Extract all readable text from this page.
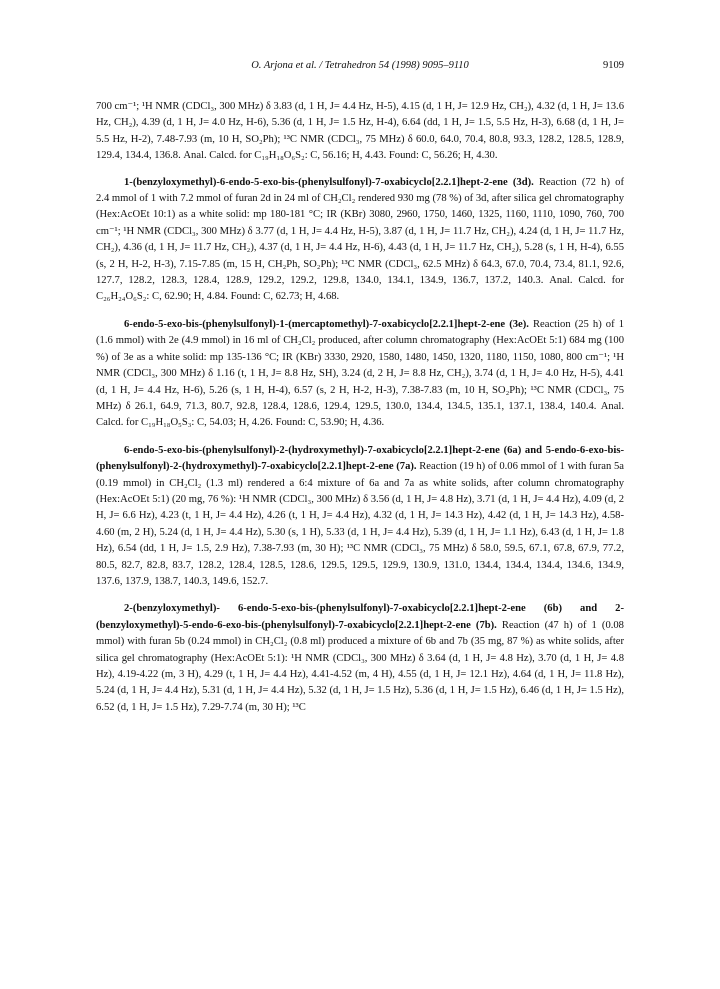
O. Arjona et al. / Tetrahedron 54 (1998) 9095–9110	9109

700 cm⁻¹; ¹H NMR (CDCl₃, 300 MHz) δ 3.83 (d, 1 H, J= 4.4 Hz, H-5), 4.15 (d, 1 H, J= 12.9 Hz, CH₂), 4.32 (d, 1 H, J= 13.6 Hz, CH₂), 4.39 (d, 1 H, J= 4.0 Hz, H-6), 5.36 (d, 1 H, J= 1.5 Hz, H-4), 6.64 (dd, 1 H, J= 1.5, 5.5 Hz, H-3), 6.68 (d, 1 H, J= 5.5 Hz, H-2), 7.48-7.93 (m, 10 H, SO₂Ph); ¹³C NMR (CDCl₃, 75 MHz) δ 60.0, 64.0, 70.4, 80.8, 93.3, 128.2, 128.5, 128.9, 129.4, 134.4, 136.8. Anal. Calcd. for C₁₉H₁₈O₆S₂: C, 56.16; H, 4.43. Found: C, 56.26; H, 4.30.

1-(benzyloxymethyl)-6-endo-5-exo-bis-(phenylsulfonyl)-7-oxabicyclo[2.2.1]hept-2-ene (3d). Reaction (72 h) of 2.4 mmol of 1 with 7.2 mmol of furan 2d in 24 ml of CH₂Cl₂ rendered 930 mg (78 %) of 3d, after silica gel chromatography (Hex:AcOEt 10:1) as a white solid: mp 180-181 °C; IR (KBr) 3080, 2960, 1750, 1460, 1325, 1160, 1110, 1090, 760, 700 cm⁻¹; ¹H NMR (CDCl₃, 300 MHz) δ 3.77 (d, 1 H, J= 4.4 Hz, H-5), 3.87 (d, 1 H, J= 11.7 Hz, CH₂), 4.24 (d, 1 H, J= 11.7 Hz, CH₂), 4.36 (d, 1 H, J= 11.7 Hz, CH₂), 4.37 (d, 1 H, J= 4.4 Hz, H-6), 4.43 (d, 1 H, J= 11.7 Hz, CH₂), 5.28 (s, 1 H, H-4), 6.55 (s, 2 H, H-2, H-3), 7.15-7.85 (m, 15 H, CH₂Ph, SO₂Ph); ¹³C NMR (CDCl₃, 62.5 MHz) δ 64.3, 67.0, 70.4, 73.4, 81.1, 92.6, 127.7, 128.2, 128.3, 128.4, 128.9, 129.2, 129.2, 129.8, 134.0, 134.1, 134.9, 136.7, 137.2, 140.3. Anal. Calcd. for C₂₆H₂₄O₆S₂: C, 62.90; H, 4.84. Found: C, 62.73; H, 4.68.

6-endo-5-exo-bis-(phenylsulfonyl)-1-(mercaptomethyl)-7-oxabicyclo[2.2.1]hept-2-ene (3e). Reaction (25 h) of 1 (1.6 mmol) with 2e (4.9 mmol) in 16 ml of CH₂Cl₂ produced, after column chromatography (Hex:AcOEt 5:1) 684 mg (100 %) of 3e as a white solid: mp 135-136 °C; IR (KBr) 3330, 2920, 1580, 1480, 1450, 1320, 1180, 1150, 1080, 800 cm⁻¹; ¹H NMR (CDCl₃, 300 MHz) δ 1.16 (t, 1 H, J= 8.8 Hz, SH), 3.24 (d, 2 H, J= 8.8 Hz, CH₂), 3.74 (d, 1 H, J= 4.0 Hz, H-5), 4.41 (d, 1 H, J= 4.4 Hz, H-6), 5.26 (s, 1 H, H-4), 6.57 (s, 2 H, H-2, H-3), 7.38-7.83 (m, 10 H, SO₂Ph); ¹³C NMR (CDCl₃, 75 MHz) δ 26.1, 64.9, 71.3, 80.7, 92.8, 128.4, 128.6, 129.4, 129.5, 130.0, 134.4, 134.5, 135.1, 137.1, 138.4, 140.4. Anal. Calcd. for C₁₉H₁₈O₅S₃: C, 54.03; H, 4.26. Found: C, 53.90; H, 4.36.

6-endo-5-exo-bis-(phenylsulfonyl)-2-(hydroxymethyl)-7-oxabicyclo[2.2.1]hept-2-ene (6a) and 5-endo-6-exo-bis-(phenylsulfonyl)-2-(hydroxymethyl)-7-oxabicyclo[2.2.1]hept-2-ene (7a). Reaction (19 h) of 0.06 mmol of 1 with furan 5a (0.19 mmol) in CH₂Cl₂ (1.3 ml) rendered a 6:4 mixture of 6a and 7a as white solids, after column chromatography (Hex:AcOEt 5:1) (20 mg, 76 %): ¹H NMR (CDCl₃, 300 MHz) δ 3.56 (d, 1 H, J= 4.8 Hz), 3.71 (d, 1 H, J= 4.4 Hz), 4.09 (d, 2 H, J= 6.6 Hz), 4.23 (t, 1 H, J= 4.4 Hz), 4.26 (t, 1 H, J= 4.4 Hz), 4.32 (d, 1 H, J= 14.3 Hz), 4.42 (d, 1 H, J= 14.3 Hz), 4.58-4.60 (m, 2 H), 5.24 (d, 1 H, J= 4.4 Hz), 5.30 (s, 1 H), 5.33 (d, 1 H, J= 4.4 Hz), 5.39 (d, 1 H, J= 1.1 Hz), 6.43 (d, 1 H, J= 1.8 Hz), 6.54 (dd, 1 H, J= 1.5, 2.9 Hz), 7.38-7.93 (m, 30 H); ¹³C NMR (CDCl₃, 75 MHz) δ 58.0, 59.5, 67.1, 67.8, 67.9, 77.2, 80.5, 82.7, 82.8, 83.7, 128.2, 128.4, 128.5, 128.6, 129.5, 129.5, 129.9, 130.9, 131.0, 134.4, 134.4, 134.4, 134.6, 134.9, 137.6, 137.9, 138.7, 140.3, 149.6, 152.7.

2-(benzyloxymethyl)- 6-endo-5-exo-bis-(phenylsulfonyl)-7-oxabicyclo[2.2.1]hept-2-ene (6b) and 2-(benzyloxymethyl)-5-endo-6-exo-bis-(phenylsulfonyl)-7-oxabicyclo[2.2.1]hept-2-ene (7b). Reaction (47 h) of 1 (0.08 mmol) with furan 5b (0.24 mmol) in CH₂Cl₂ (0.8 ml) produced a mixture of 6b and 7b (35 mg, 87 %) as white solids, after silica gel chromatography (Hex:AcOEt 5:1): ¹H NMR (CDCl₃, 300 MHz) δ 3.64 (d, 1 H, J= 4.8 Hz), 3.70 (d, 1 H, J= 4.8 Hz), 4.19-4.22 (m, 3 H), 4.29 (t, 1 H, J= 4.4 Hz), 4.41-4.52 (m, 4 H), 4.55 (d, 1 H, J= 12.1 Hz), 4.64 (d, 1 H, J= 11.8 Hz), 5.24 (d, 1 H, J= 4.4 Hz), 5.31 (d, 1 H, J= 4.4 Hz), 5.32 (d, 1 H, J= 1.5 Hz), 5.36 (d, 1 H, J= 1.5 Hz), 6.46 (d, 1 H, J= 1.5 Hz), 6.52 (d, 1 H, J= 1.5 Hz), 7.29-7.74 (m, 30 H); ¹³C
